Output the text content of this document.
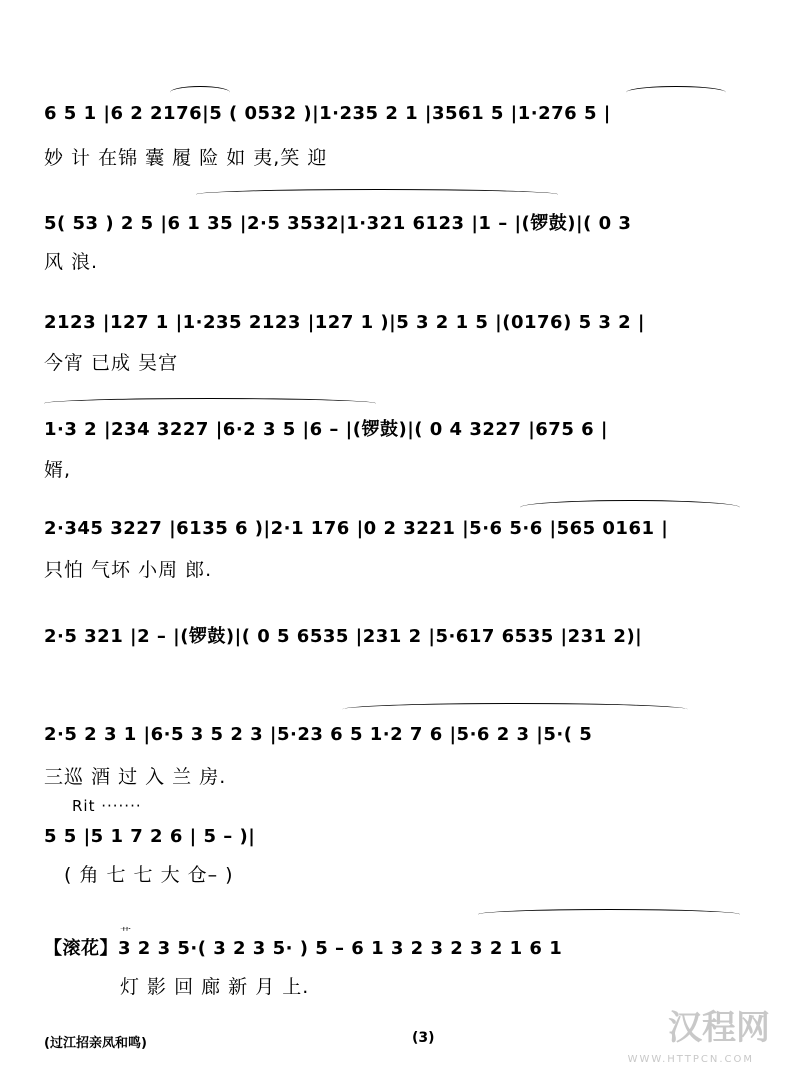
6 5 1 |6 2 2176|5 ( 0532 )|1·235 2 1 |3561 5 |1·276 5 |
妙 计 在锦 囊 履 险 如 夷,笑 迎
5( 53 ) 2 5 |6 1 35 |2·5 3532|1·321 6123 |1 – |(锣鼓)|( 0 3
风 浪.
2123 |127 1 |1·235 2123 |127 1 )|5 3 2 1 5 |(0176) 5 3 2 |
今宵 已成 吴宫
1·3 2 |234 3227 |6·2 3 5 |6 – |(锣鼓)|( 0 4 3227 |675 6 |
婿,
2·345 3227 |6135 6 )|2·1 176 |0 2 3221 |5·6 5·6 |565 0161 |
只怕 气坏 小周 郎.
2·5 321 |2 – |(锣鼓)|( 0 5 6535 |231 2 |5·617 6535 |231 2)|
2·5 2 3 1 |6·5 3 5 2 3 |5·23 6 5 1·2 7 6 |5·6 2 3 |5·( 5
三巡 酒 过 入 兰 房.
Rit ·······
5 5 |5 1 7 2 6 | 5 – )|
( 角 七 七 大 仓– )
【滚花】3 2 3 5·( 3 2 3 5· ) 5 – 6 1 3 2 3 2 3 2 1 6 1
灯 影 回 廊 新 月 上.
艹
(过江招亲凤和鸣)	(3)	汉程网
WWW.HTTPCN.COM
